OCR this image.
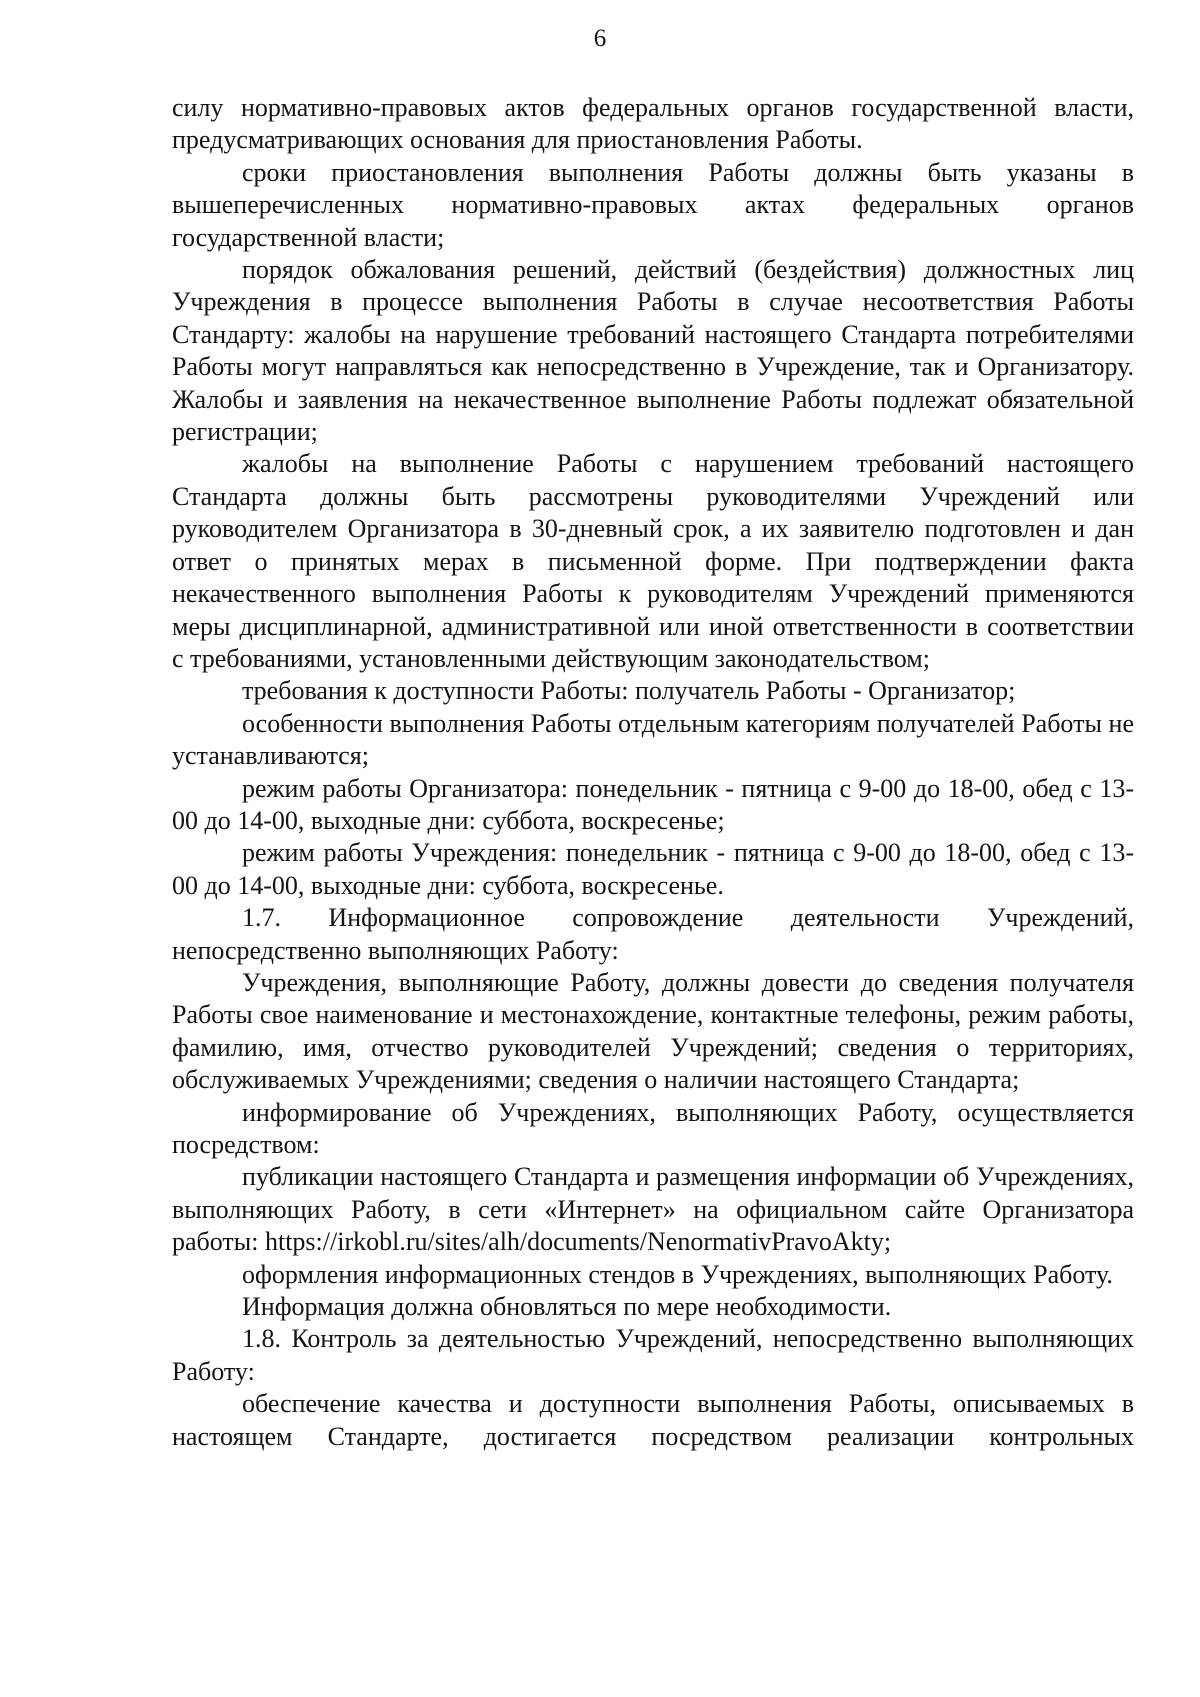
6

силу нормативно-правовых актов федеральных органов государственной власти, предусматривающих основания для приостановления Работы.

сроки приостановления выполнения Работы должны быть указаны в вышеперечисленных нормативно-правовых актах федеральных органов государственной власти;

порядок обжалования решений, действий (бездействия) должностных лиц Учреждения в процессе выполнения Работы в случае несоответствия Работы Стандарту: жалобы на нарушение требований настоящего Стандарта потребителями Работы могут направляться как непосредственно в Учреждение, так и Организатору. Жалобы и заявления на некачественное выполнение Работы подлежат обязательной регистрации;

жалобы на выполнение Работы с нарушением требований настоящего Стандарта должны быть рассмотрены руководителями Учреждений или руководителем Организатора в 30-дневный срок, а их заявителю подготовлен и дан ответ о принятых мерах в письменной форме. При подтверждении факта некачественного выполнения Работы к руководителям Учреждений применяются меры дисциплинарной, административной или иной ответственности в соответствии с требованиями, установленными действующим законодательством;

требования к доступности Работы: получатель Работы - Организатор;

особенности выполнения Работы отдельным категориям получателей Работы не устанавливаются;

режим работы Организатора: понедельник - пятница с 9-00 до 18-00, обед с 13-00 до 14-00, выходные дни: суббота, воскресенье;

режим работы Учреждения: понедельник - пятница с 9-00 до 18-00, обед с 13-00 до 14-00, выходные дни: суббота, воскресенье.

1.7. Информационное сопровождение деятельности Учреждений, непосредственно выполняющих Работу:

Учреждения, выполняющие Работу, должны довести до сведения получателя Работы свое наименование и местонахождение, контактные телефоны, режим работы, фамилию, имя, отчество руководителей Учреждений; сведения о территориях, обслуживаемых Учреждениями; сведения о наличии настоящего Стандарта;

информирование об Учреждениях, выполняющих Работу, осуществляется посредством:

публикации настоящего Стандарта и размещения информации об Учреждениях, выполняющих Работу, в сети «Интернет» на официальном сайте Организатора работы: https://irkobl.ru/sites/alh/documents/NenormativPravoAkty;

оформления информационных стендов в Учреждениях, выполняющих Работу.

Информация должна обновляться по мере необходимости.

1.8. Контроль за деятельностью Учреждений, непосредственно выполняющих Работу:

обеспечение качества и доступности выполнения Работы, описываемых в настоящем Стандарте, достигается посредством реализации контрольных
